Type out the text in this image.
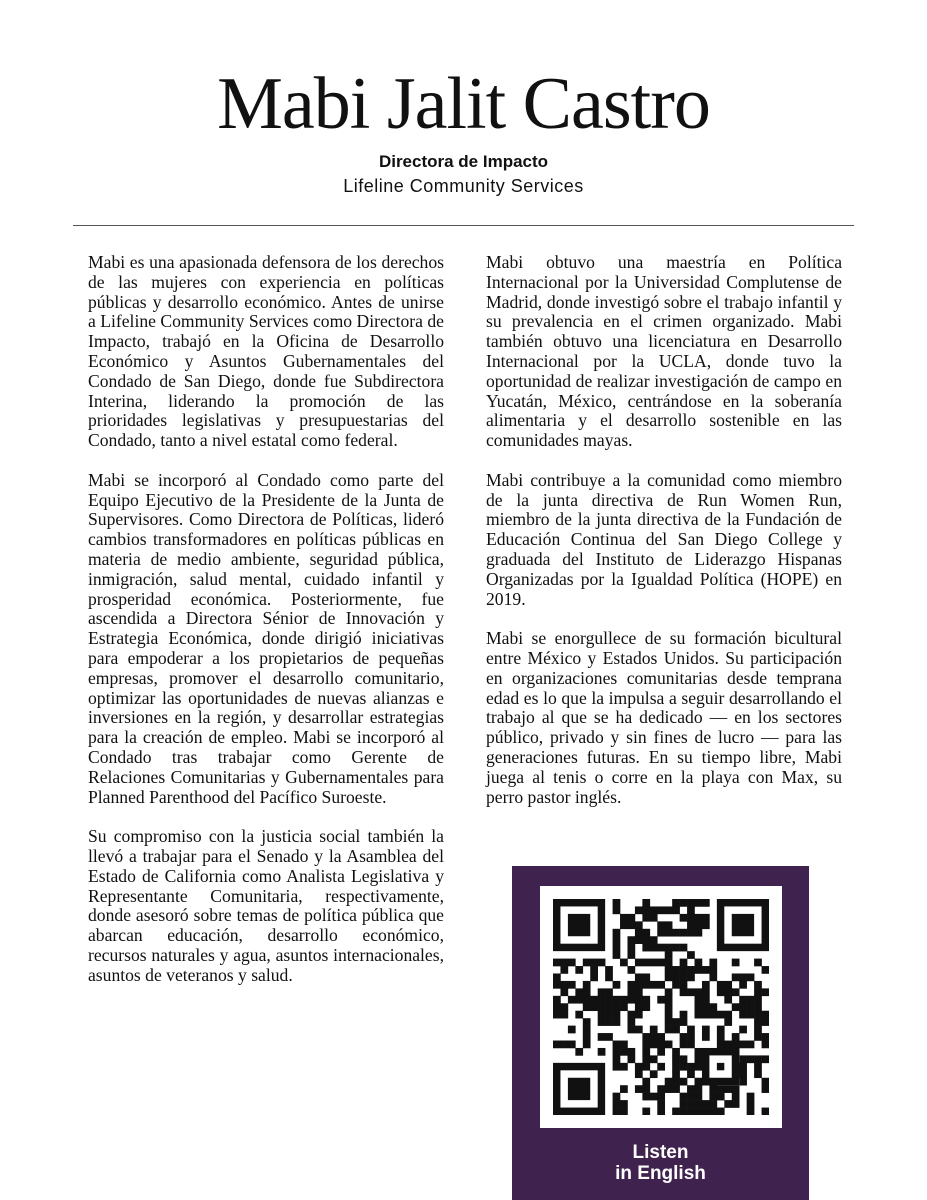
Mabi Jalit Castro
Directora de Impacto
Lifeline Community Services

Mabi es una apasionada defensora de los derechos de las mujeres con experiencia en políticas públicas y desarrollo económico. Antes de unirse a Lifeline Community Services como Directora de Impacto, trabajó en la Oficina de Desarrollo Económico y Asuntos Gubernamentales del Condado de San Diego, donde fue Subdirectora Interina, liderando la promoción de las prioridades legislativas y presupuestarias del Condado, tanto a nivel estatal como federal.

Mabi se incorporó al Condado como parte del Equipo Ejecutivo de la Presidente de la Junta de Supervisores. Como Directora de Políticas, lideró cambios transformadores en políticas públicas en materia de medio ambiente, seguridad pública, inmigración, salud mental, cuidado infantil y prosperidad económica. Posteriormente, fue ascendida a Directora Sénior de Innovación y Estrategia Económica, donde dirigió iniciativas para empoderar a los propietarios de pequeñas empresas, promover el desarrollo comunitario, optimizar las oportunidades de nuevas alianzas e inversiones en la región, y desarrollar estrategias para la creación de empleo. Mabi se incorporó al Condado tras trabajar como Gerente de Relaciones Comunitarias y Gubernamentales para Planned Parenthood del Pacífico Suroeste.

Su compromiso con la justicia social también la llevó a trabajar para el Senado y la Asamblea del Estado de California como Analista Legislativa y Representante Comunitaria, respectivamente, donde asesoró sobre temas de política pública que abarcan educación, desarrollo económico, recursos naturales y agua, asuntos internacionales, asuntos de veteranos y salud.

Mabi obtuvo una maestría en Política Internacional por la Universidad Complutense de Madrid, donde investigó sobre el trabajo infantil y su prevalencia en el crimen organizado. Mabi también obtuvo una licenciatura en Desarrollo Internacional por la UCLA, donde tuvo la oportunidad de realizar investigación de campo en Yucatán, México, centrándose en la soberanía alimentaria y el desarrollo sostenible en las comunidades mayas.

Mabi contribuye a la comunidad como miembro de la junta directiva de Run Women Run, miembro de la junta directiva de la Fundación de Educación Continua del San Diego College y graduada del Instituto de Liderazgo Hispanas Organizadas por la Igualdad Política (HOPE) en 2019.

Mabi se enorgullece de su formación bicultural entre México y Estados Unidos. Su participación en organizaciones comunitarias desde temprana edad es lo que la impulsa a seguir desarrollando el trabajo al que se ha dedicado — en los sectores público, privado y sin fines de lucro — para las generaciones futuras. En su tiempo libre, Mabi juega al tenis o corre en la playa con Max, su perro pastor inglés.

Listen
in English
